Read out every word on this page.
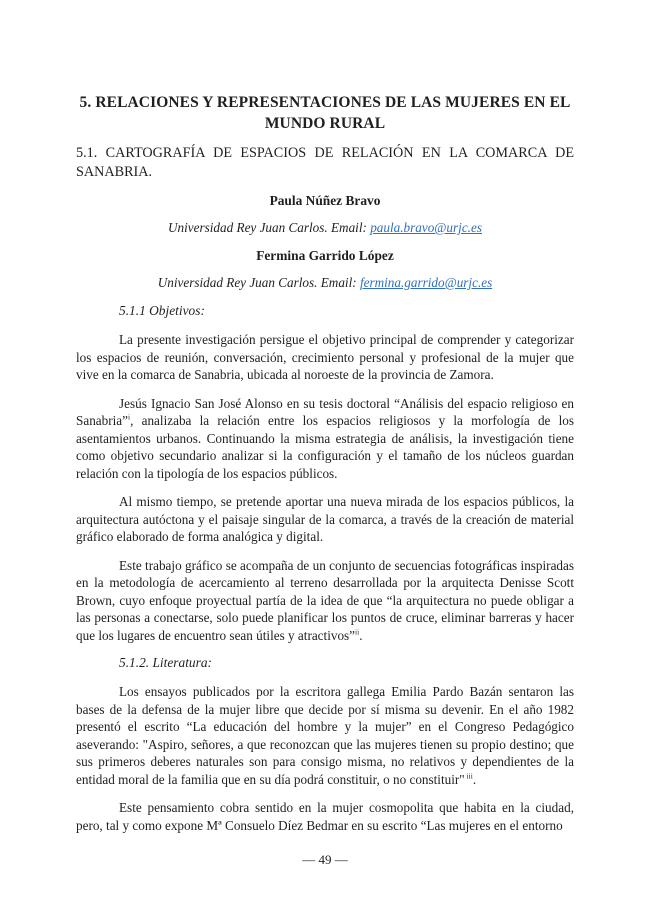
5. RELACIONES Y REPRESENTACIONES DE LAS MUJERES EN EL MUNDO RURAL
5.1. CARTOGRAFÍA DE ESPACIOS DE RELACIÓN EN LA COMARCA DE SANABRIA.
Paula Núñez Bravo
Universidad Rey Juan Carlos. Email: paula.bravo@urjc.es
Fermina Garrido López
Universidad Rey Juan Carlos. Email: fermina.garrido@urjc.es
5.1.1 Objetivos:

La presente investigación persigue el objetivo principal de comprender y categorizar los espacios de reunión, conversación, crecimiento personal y profesional de la mujer que vive en la comarca de Sanabria, ubicada al noroeste de la provincia de Zamora.

Jesús Ignacio San José Alonso en su tesis doctoral “Análisis del espacio religioso en Sanabria”$^i$, analizaba la relación entre los espacios religiosos y la morfología de los asentamientos urbanos. Continuando la misma estrategia de análisis, la investigación tiene como objetivo secundario analizar si la configuración y el tamaño de los núcleos guardan relación con la tipología de los espacios públicos.

Al mismo tiempo, se pretende aportar una nueva mirada de los espacios públicos, la arquitectura autóctona y el paisaje singular de la comarca, a través de la creación de material gráfico elaborado de forma analógica y digital.

Este trabajo gráfico se acompaña de un conjunto de secuencias fotográficas inspiradas en la metodología de acercamiento al terreno desarrollada por la arquitecta Denisse Scott Brown, cuyo enfoque proyectual partía de la idea de que “la arquitectura no puede obligar a las personas a conectarse, solo puede planificar los puntos de cruce, eliminar barreras y hacer que los lugares de encuentro sean útiles y atractivos”$^{ii}$.

5.1.2. Literatura:

Los ensayos publicados por la escritora gallega Emilia Pardo Bazán sentaron las bases de la defensa de la mujer libre que decide por sí misma su devenir. En el año 1982 presentó el escrito “La educación del hombre y la mujer” en el Congreso Pedagógico aseverando: "Aspiro, señores, a que reconozcan que las mujeres tienen su propio destino; que sus primeros deberes naturales son para consigo misma, no relativos y dependientes de la entidad moral de la familia que en su día podrá constituir, o no constituir" $^{iii}$.

Este pensamiento cobra sentido en la mujer cosmopolita que habita en la ciudad, pero, tal y como expone Mª Consuelo Díez Bedmar en su escrito “Las mujeres en el entorno

— 49 —
